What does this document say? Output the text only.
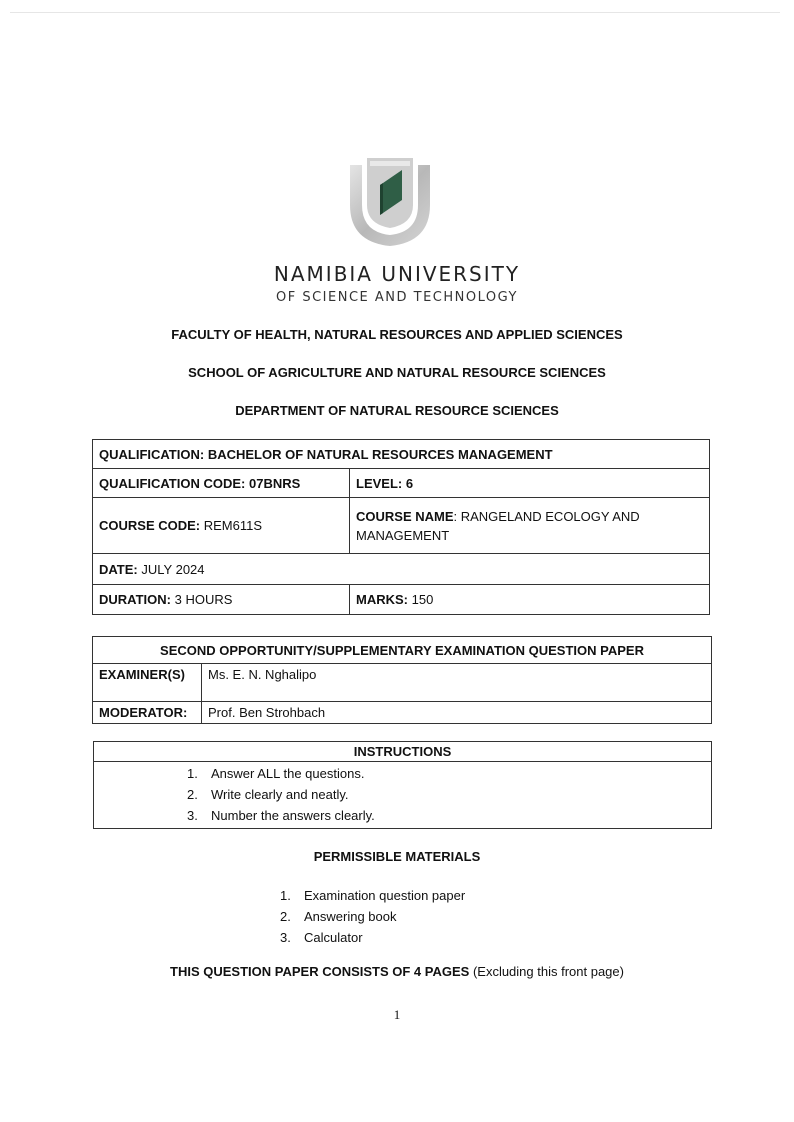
NAMIBIA UNIVERSITY
OF SCIENCE AND TECHNOLOGY
FACULTY OF HEALTH, NATURAL RESOURCES AND APPLIED SCIENCES
SCHOOL OF AGRICULTURE AND NATURAL RESOURCE SCIENCES
DEPARTMENT OF NATURAL RESOURCE SCIENCES
QUALIFICATION: BACHELOR OF NATURAL RESOURCES MANAGEMENT	
QUALIFICATION CODE: 07BNRS	LEVEL: 6
COURSE CODE: REM611S	COURSE NAME: RANGELAND ECOLOGY AND MANAGEMENT
DATE: JULY 2024	
DURATION: 3 HOURS	MARKS: 150
SECOND OPPORTUNITY/SUPPLEMENTARY EXAMINATION QUESTION PAPER	
EXAMINER(S)	Ms. E. N. Nghalipo
MODERATOR:	Prof. Ben Strohbach
INSTRUCTIONS

1. Answer ALL the questions.
2. Write clearly and neatly.
3. Number the answers clearly.
PERMISSIBLE MATERIALS
1. Examination question paper
2. Answering book
3. Calculator
THIS QUESTION PAPER CONSISTS OF 4 PAGES (Excluding this front page)
1
